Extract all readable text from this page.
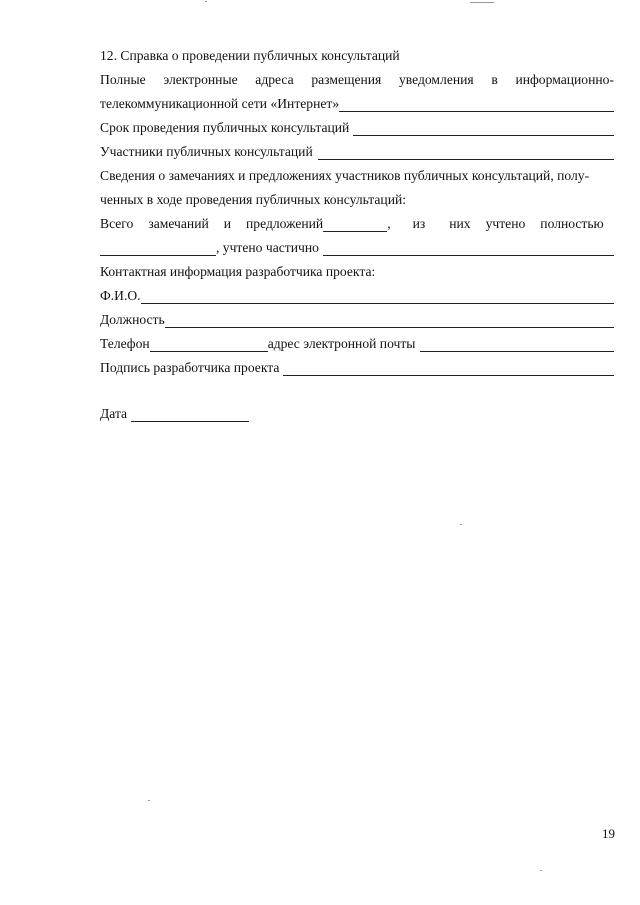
12. Справка о проведении публичных консультаций
Полные электронные адреса размещения уведомления в информационно-
телекоммуникационной сети «Интернет»
Срок проведения публичных консультаций
Участники публичных консультаций
Сведения о замечаниях и предложениях участников публичных консультаций, полу-
ченных в ходе проведения публичных консультаций:
Всего замечаний и предложений	, из них учтено полностью
, учтено частично
Контактная информация разработчика проекта:
Ф.И.О.
Должность
Телефон	адрес электронной почты
Подпись разработчика проекта
Дата
19
